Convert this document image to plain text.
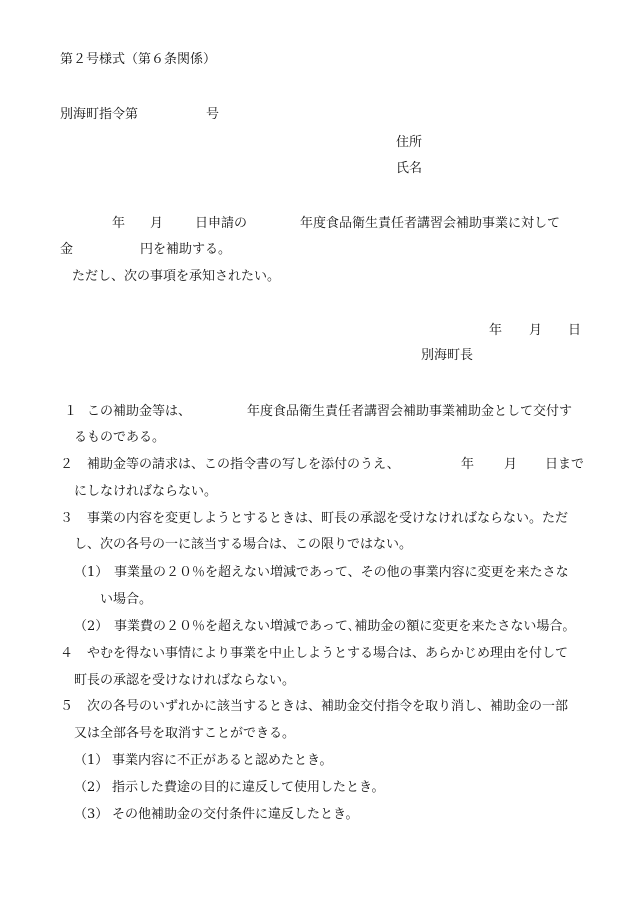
第２号様式（第６条関係）
別海町指令第	号
住所
氏名
年 月 日申請の	年度食品衛生責任者講習会補助事業に対して
金	円を補助する。
ただし、次の事項を承知されたい。
年 月 日
別海町長
１ この補助金等は、	年度食品衛生責任者講習会補助事業補助金として交付す
るものである。
２ 補助金等の請求は、この指令書の写しを添付のうえ、	年 月 日まで
にしなければならない。
３ 事業の内容を変更しようとするときは、町長の承認を受けなければならない。ただ
し、次の各号の一に該当する場合は、この限りではない。
（1） 事業量の２０％を超えない増減であって、その他の事業内容に変更を来たさな
い場合。
（2） 事業費の２０％を超えない増減であって､補助金の額に変更を来たさない場合。
４ やむを得ない事情により事業を中止しようとする場合は、あらかじめ理由を付して
町長の承認を受けなければならない。
５ 次の各号のいずれかに該当するときは、補助金交付指令を取り消し、補助金の一部
又は全部各号を取消すことができる。
（1） 事業内容に不正があると認めたとき。
（2） 指示した費途の目的に違反して使用したとき。
（3） その他補助金の交付条件に違反したとき。
